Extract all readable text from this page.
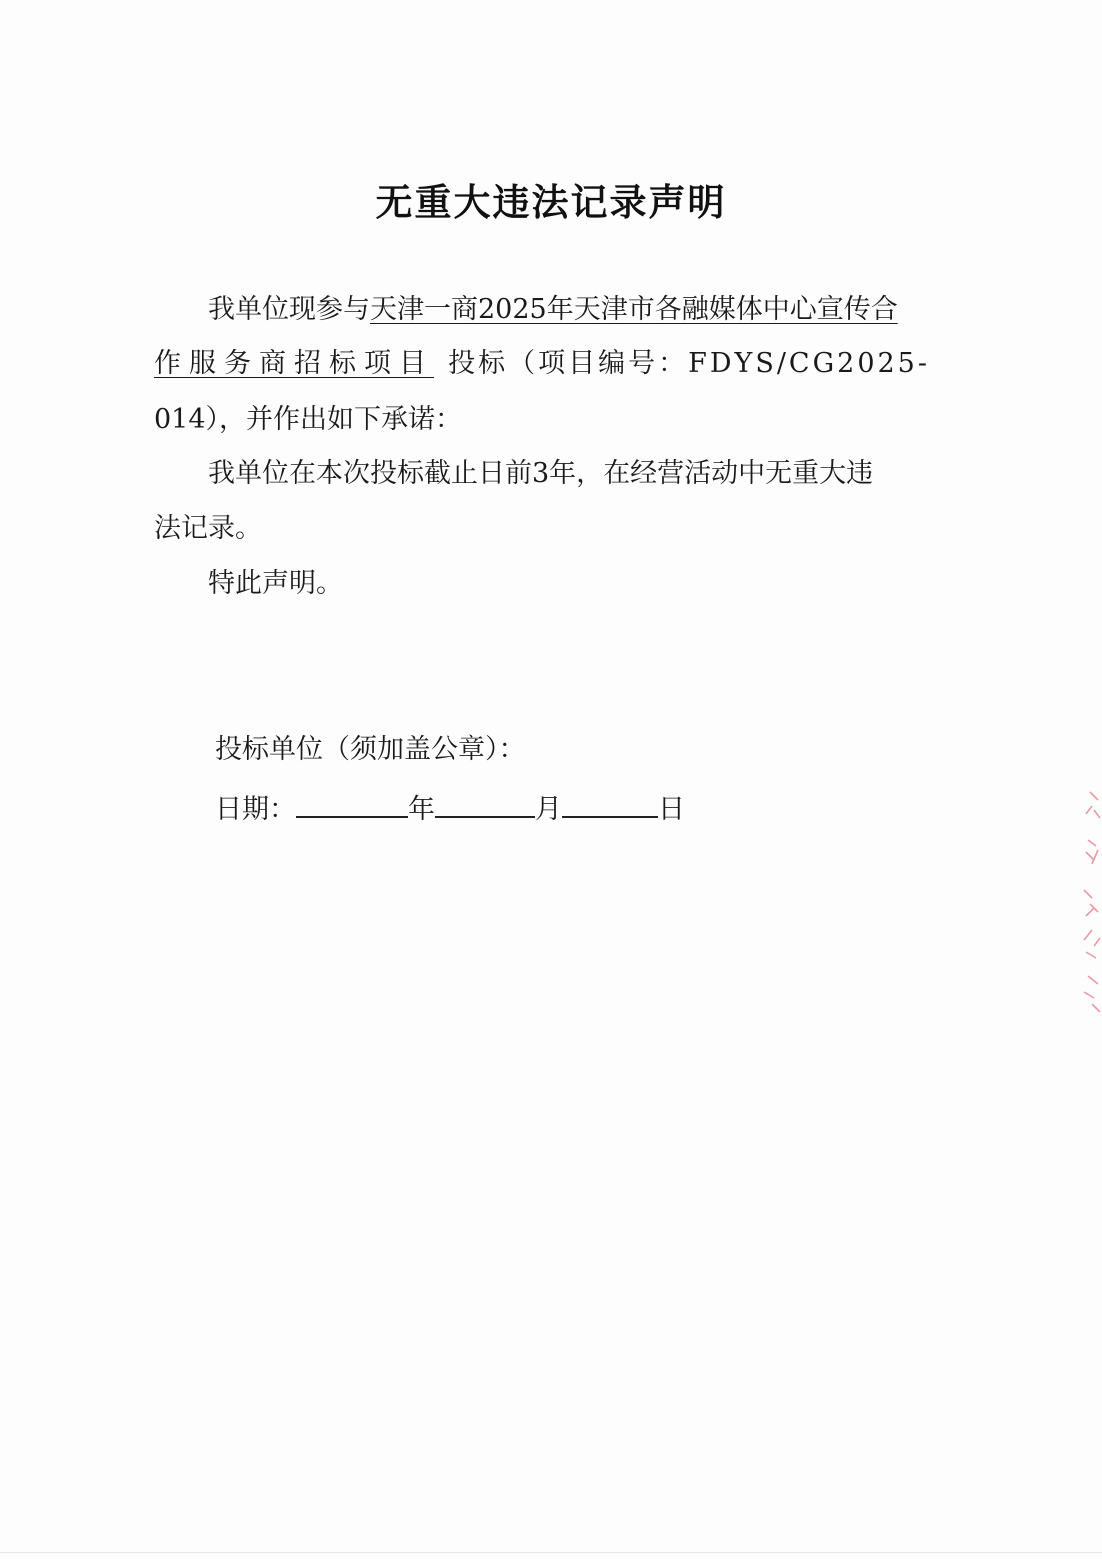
无重大违法记录声明
我单位现参与天津一商2025年天津市各融媒体中心宣传合
作服务商招标项目 投标（项目编号：FDYS/CG2025-
014），并作出如下承诺：
我单位在本次投标截止日前3年，在经营活动中无重大违
法记录。
特此声明。
投标单位（须加盖公章）：
日期：	年	月	日
